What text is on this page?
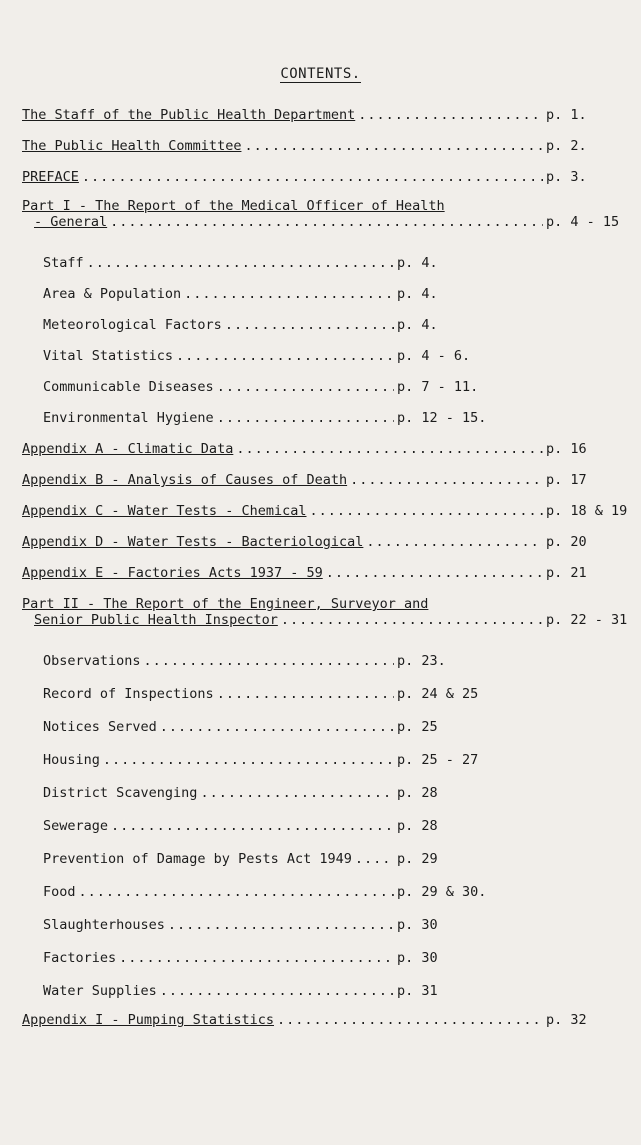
CONTENTS.
The Staff of the Public Health Department .....	p. 1.
The Public Health Committee .....	p. 2.
PREFACE .....	p. 3.
Part I - The Report of the Medical Officer of Health
- General .....	p. 4 - 15
Staff .....	p. 4.
Area & Population .....	p. 4.
Meteorological Factors .....	p. 4.
Vital Statistics .....	p. 4 - 6.
Communicable Diseases .....	p. 7 - 11.
Environmental Hygiene .....	p. 12 - 15.
Appendix A - Climatic Data .....	p. 16
Appendix B - Analysis of Causes of Death .....	p. 17
Appendix C - Water Tests - Chemical .....	p. 18 & 19
Appendix D - Water Tests - Bacteriological .....	p. 20
Appendix E - Factories Acts 1937 - 59 .....	p. 21
Part II - The Report of the Engineer, Surveyor and
Senior Public Health Inspector .....	p. 22 - 31
Observations .....	p. 23.
Record of Inspections .....	p. 24 & 25
Notices Served .....	p. 25
Housing .....	p. 25 - 27
District Scavenging .....	p. 28
Sewerage .....	p. 28
Prevention of Damage by Pests Act 1949 .....	p. 29
Food .....	p. 29 & 30.
Slaughterhouses .....	p. 30
Factories .....	p. 30
Water Supplies .....	p. 31
Appendix I - Pumping Statistics .....	p. 32
